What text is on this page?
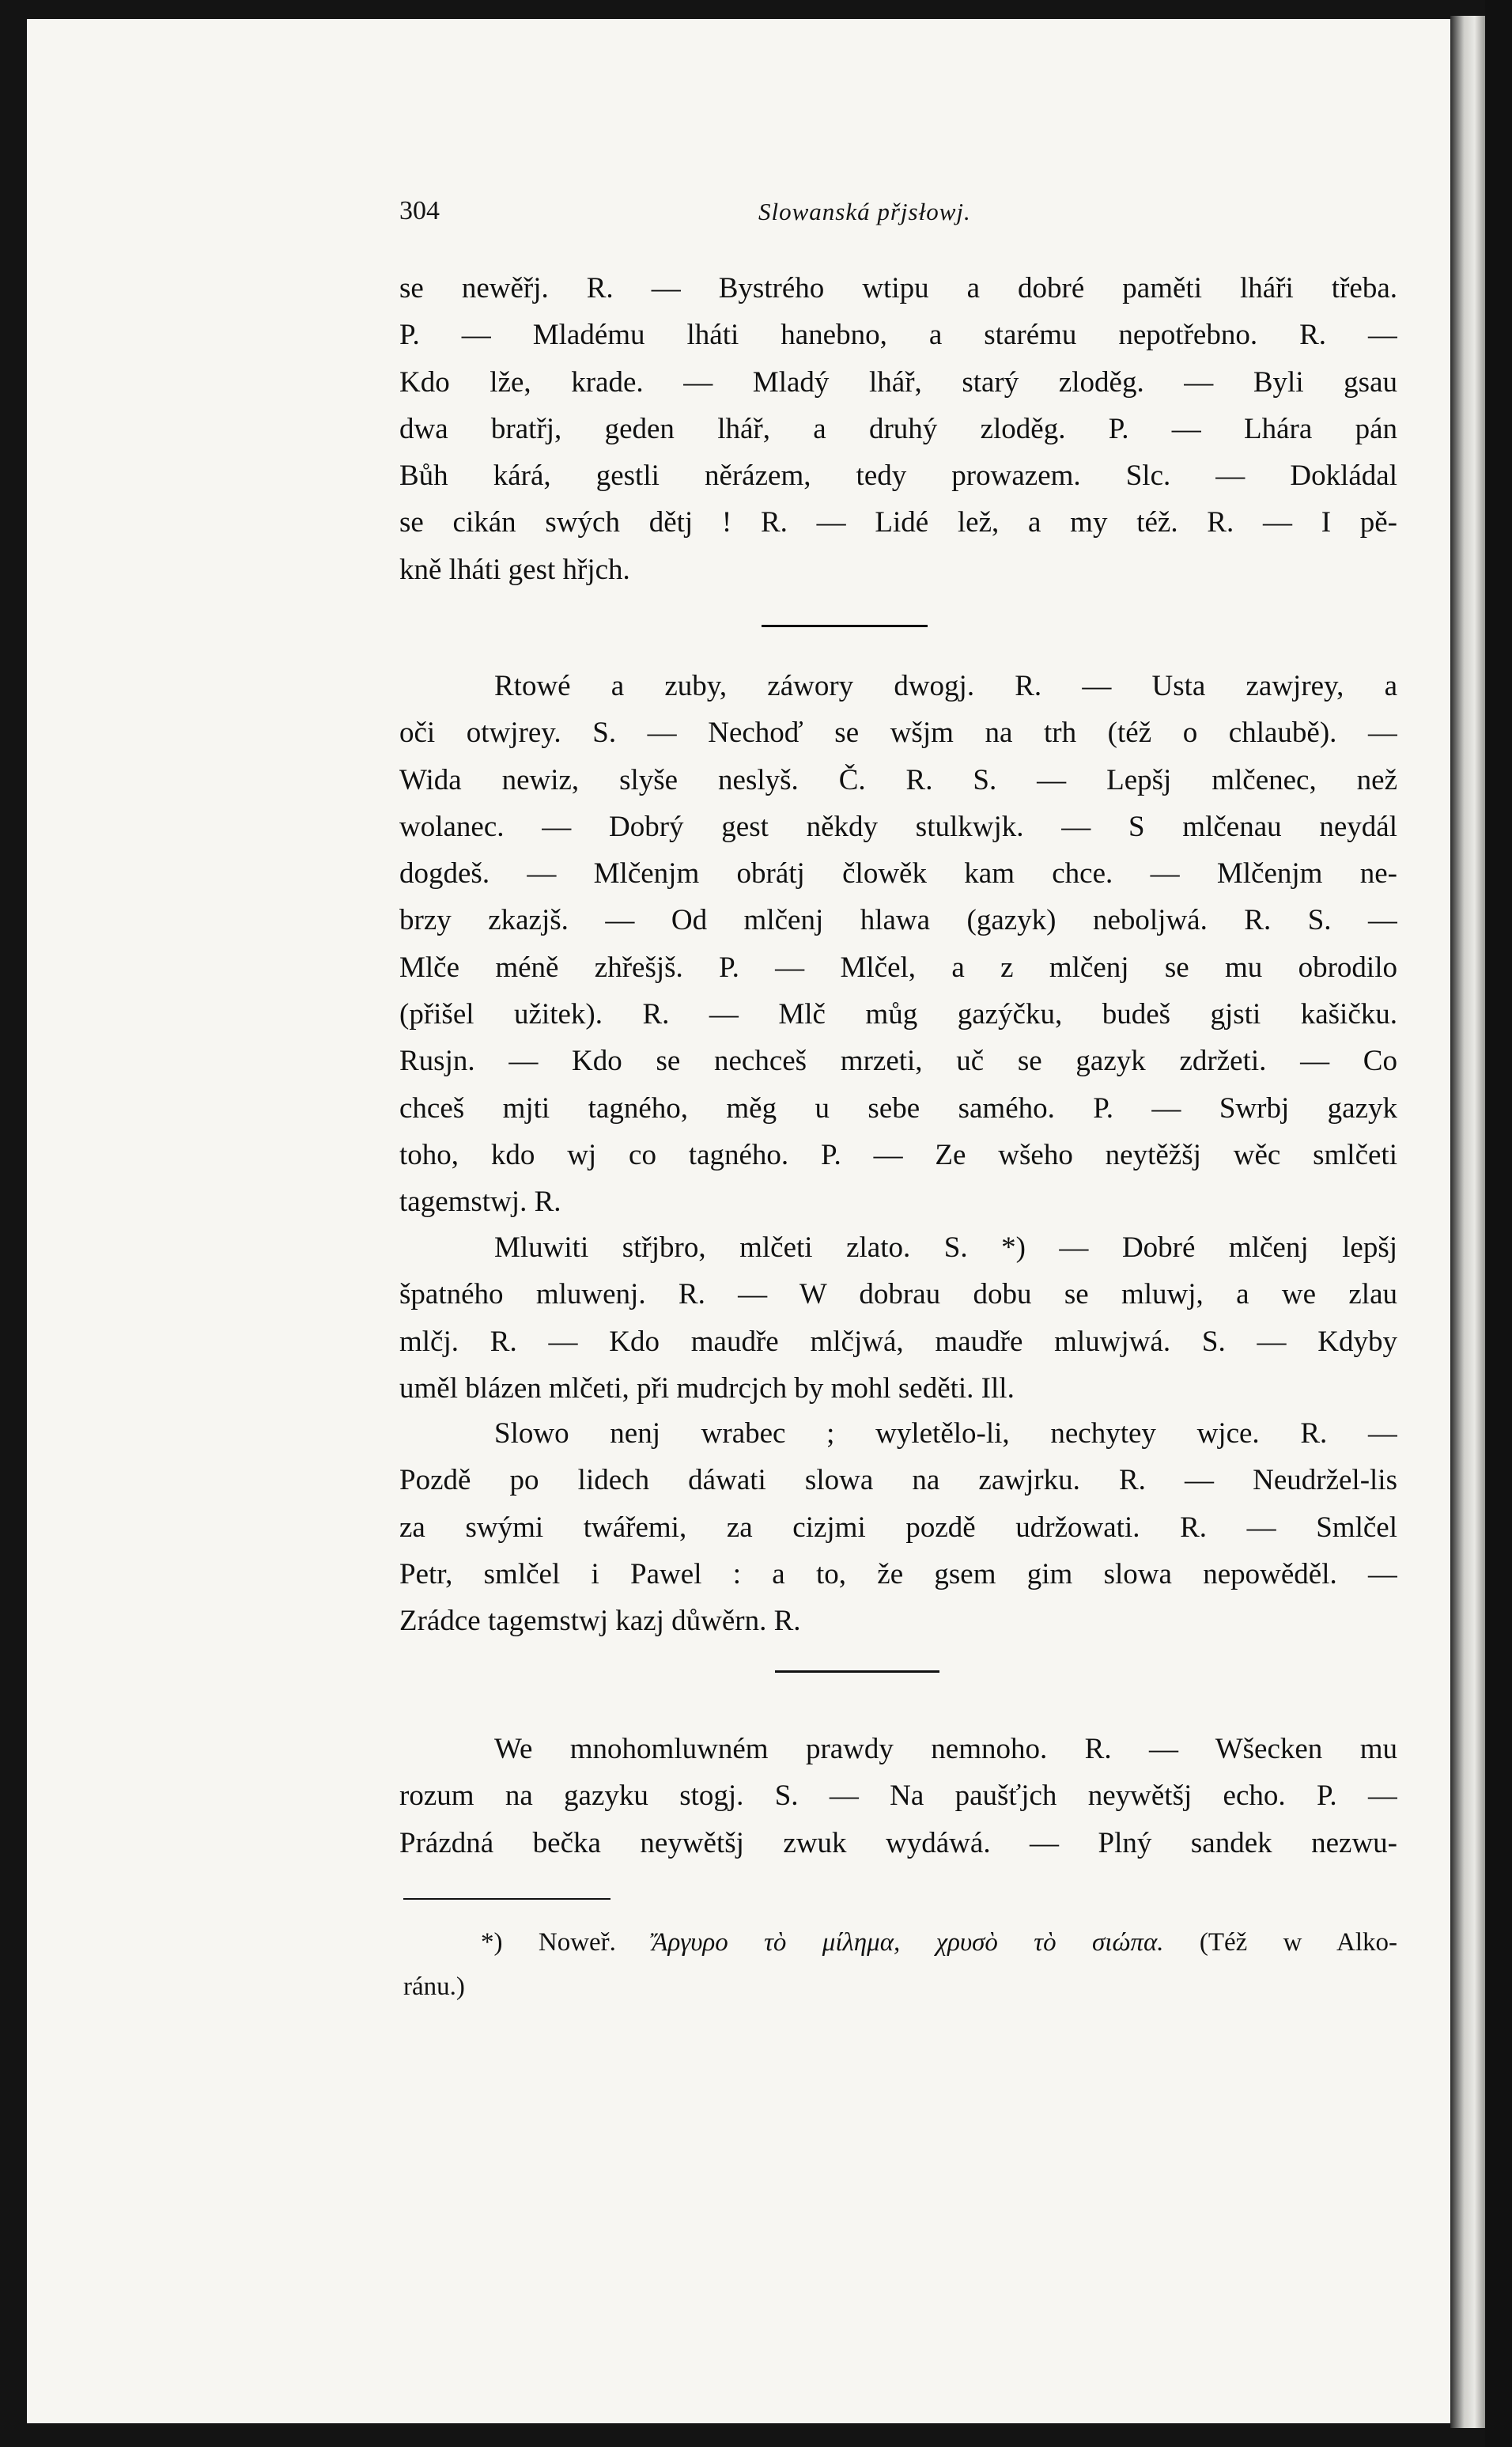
304	Slowanská přjsłowj.
se newěřj. R. — Bystrého wtipu a dobré paměti lháři třeba.
P. — Mladému lháti hanebno, a starému nepotřebno. R. —
Kdo lže, krade. — Mladý lhář, starý zloděg. — Byli gsau
dwa bratřj, geden lhář, a druhý zloděg. P. — Lhára pán
Bůh kárá, gestli něrázem, tedy prowazem. Slc. — Dokládal
se cikán swých dětj ! R. — Lidé lež, a my též. R. — I pě-
kně lháti gest hřjch.
Rtowé a zuby, záwory dwogj. R. — Usta zawjrey, a
oči otwjrey. S. — Nechoď se wšjm na trh (též o chlaubě). —
Wida newiz, slyše neslyš. Č. R. S. — Lepšj mlčenec, než
wolanec. — Dobrý gest někdy stulkwjk. — S mlčenau neydál
dogdeš. — Mlčenjm obrátj člowěk kam chce. — Mlčenjm ne-
brzy zkazjš. — Od mlčenj hlawa (gazyk) neboljwá. R. S. —
Mlče méně zhřešjš. P. — Mlčel, a z mlčenj se mu obrodilo
(přišel užitek). R. — Mlč můg gazýčku, budeš gjsti kašičku.
Rusjn. — Kdo se nechceš mrzeti, uč se gazyk zdržeti. — Co
chceš mjti tagného, měg u sebe samého. P. — Swrbj gazyk
toho, kdo wj co tagného. P. — Ze wšeho neytěžšj wěc smlčeti
tagemstwj. R.
Mluwiti střjbro, mlčeti zlato. S. *) — Dobré mlčenj lepšj
špatného mluwenj. R. — W dobrau dobu se mluwj, a we zlau
mlčj. R. — Kdo maudře mlčjwá, maudře mluwjwá. S. — Kdyby
uměl blázen mlčeti, při mudrcjch by mohl seděti. Ill.
Slowo nenj wrabec ; wyletělo-li, nechytey wjce. R. —
Pozdě po lidech dáwati slowa na zawjrku. R. — Neudržel-lis
za swými twářemi, za cizjmi pozdě udržowati. R. — Smlčel
Petr, smlčel i Pawel : a to, že gsem gim slowa nepowěděl. —
Zrádce tagemstwj kazj důwěrn. R.
We mnohomluwném prawdy nemnoho. R. — Wšecken mu
rozum na gazyku stogj. S. — Na paušťjch neywětšj echo. P. —
Prázdná bečka neywětšj zwuk wydáwá. — Plný sandek nezwu-
*) Noweř. Ἄργυρο τὸ μίλημα, χρυσὸ τὸ σιώπα. (Též w Alko-
ránu.)
